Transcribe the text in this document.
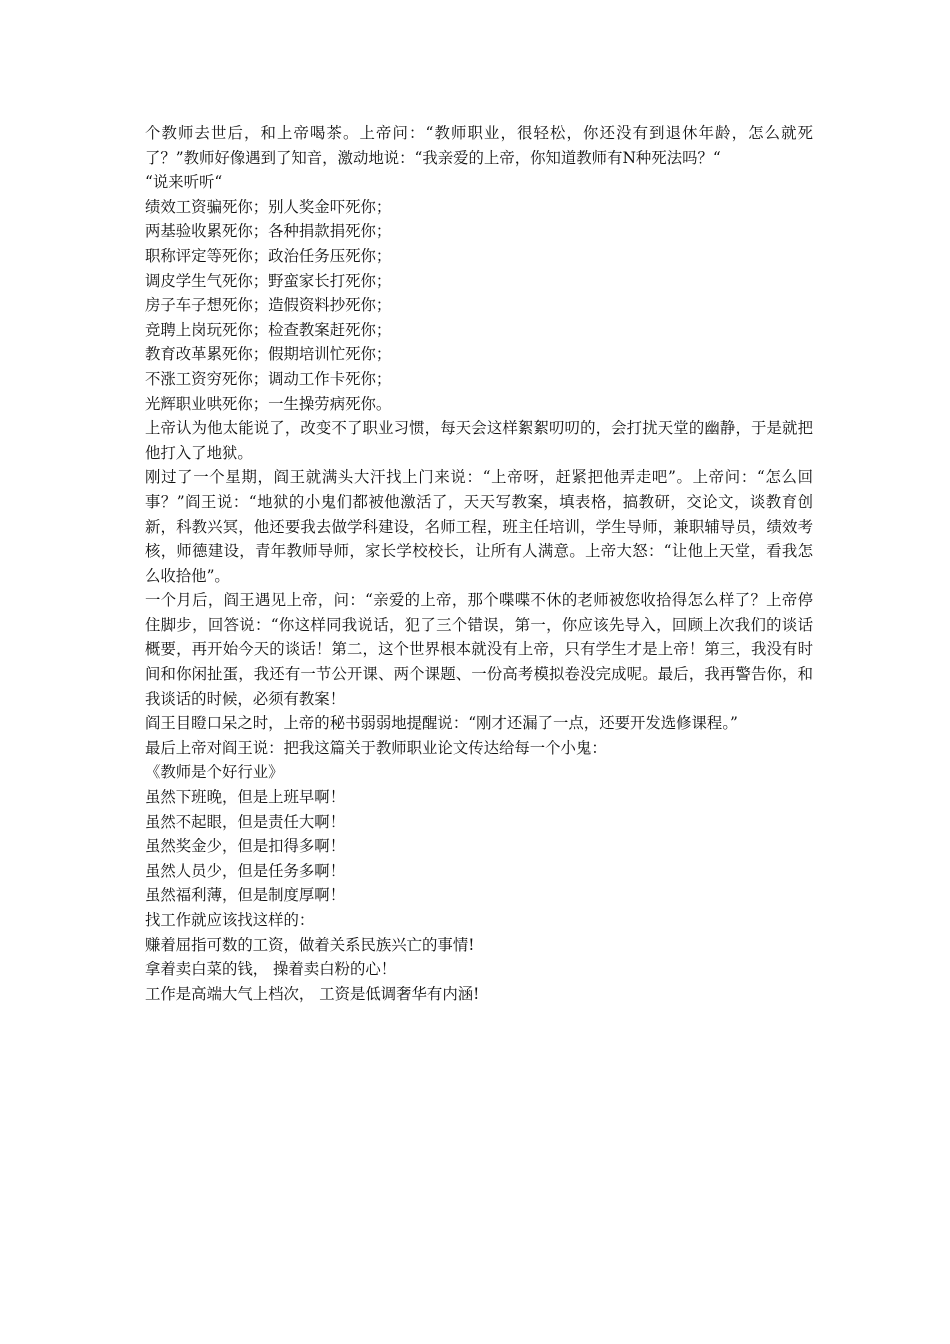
个教师去世后，和上帝喝茶。上帝问：“教师职业，很轻松，你还没有到退休年龄，怎么就死了？”教师好像遇到了知音，激动地说：“我亲爱的上帝，你知道教师有N种死法吗？“

“说来听听“

绩效工资骗死你；别人奖金吓死你；

两基验收累死你；各种捐款捐死你；

职称评定等死你；政治任务压死你；

调皮学生气死你；野蛮家长打死你；

房子车子想死你；造假资料抄死你；

竞聘上岗玩死你；检查教案赶死你；

教育改革累死你；假期培训忙死你；

不涨工资穷死你；调动工作卡死你；

光辉职业哄死你；一生操劳病死你。

上帝认为他太能说了，改变不了职业习惯，每天会这样絮絮叨叨的，会打扰天堂的幽静，于是就把他打入了地狱。

刚过了一个星期，阎王就满头大汗找上门来说：“上帝呀，赶紧把他弄走吧”。上帝问：“怎么回事？”阎王说：“地狱的小鬼们都被他激活了，天天写教案，填表格，搞教研，交论文，谈教育创新，科教兴冥，他还要我去做学科建设，名师工程，班主任培训，学生导师，兼职辅导员，绩效考核，师德建设，青年教师导师，家长学校校长，让所有人满意。上帝大怒：“让他上天堂，看我怎么收拾他”。

一个月后，阎王遇见上帝，问：“亲爱的上帝，那个喋喋不休的老师被您收拾得怎么样了？上帝停住脚步，回答说：“你这样同我说话，犯了三个错误，第一，你应该先导入，回顾上次我们的谈话概要，再开始今天的谈话！第二，这个世界根本就没有上帝，只有学生才是上帝！第三，我没有时间和你闲扯蛋，我还有一节公开课、两个课题、一份高考模拟卷没完成呢。最后，我再警告你，和我谈话的时候，必须有教案！

阎王目瞪口呆之时，上帝的秘书弱弱地提醒说：“刚才还漏了一点，还要开发选修课程。”

最后上帝对阎王说：把我这篇关于教师职业论文传达给每一个小鬼：

《教师是个好行业》

虽然下班晚，但是上班早啊！

虽然不起眼，但是责任大啊！

虽然奖金少，但是扣得多啊！

虽然人员少，但是任务多啊！

虽然福利薄，但是制度厚啊！

找工作就应该找这样的：

赚着屈指可数的工资，做着关系民族兴亡的事情!

拿着卖白菜的钱， 操着卖白粉的心！

工作是高端大气上档次， 工资是低调奢华有内涵!
